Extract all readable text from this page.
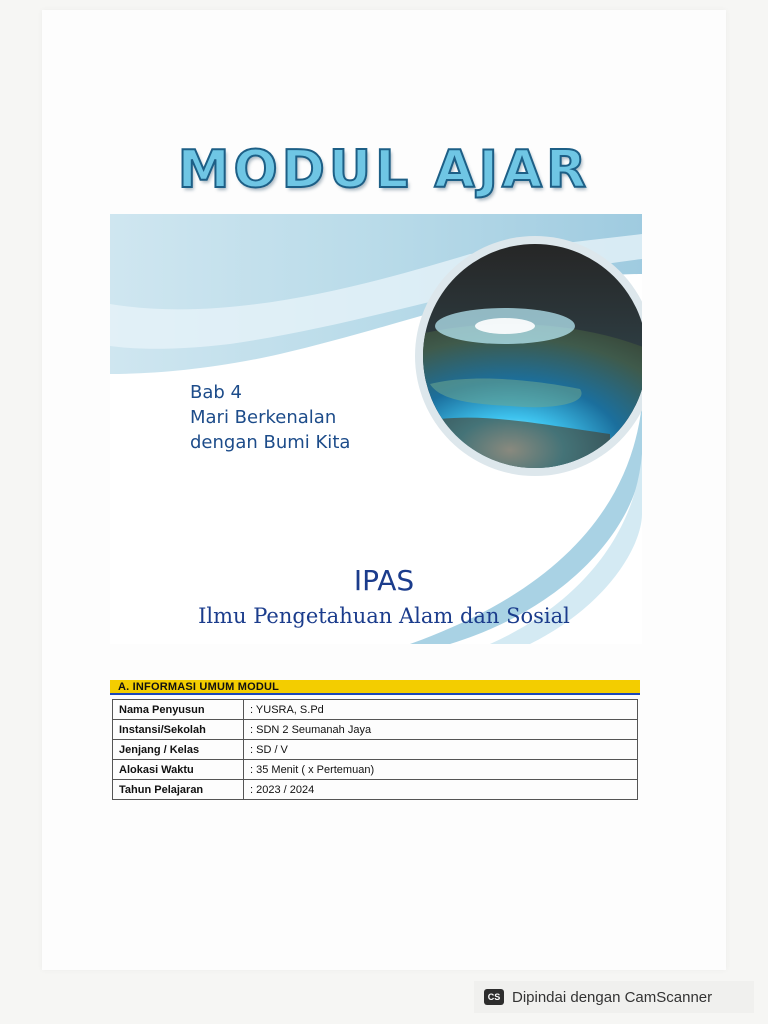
MODUL AJAR
Bab 4
Mari Berkenalan
dengan Bumi Kita
IPAS
Ilmu Pengetahuan Alam dan Sosial
A. INFORMASI UMUM MODUL
Nama Penyusun	: YUSRA, S.Pd
Instansi/Sekolah	: SDN 2 Seumanah Jaya
Jenjang / Kelas	: SD / V
Alokasi Waktu	: 35 Menit ( x Pertemuan)
Tahun Pelajaran	: 2023 / 2024
CS Dipindai dengan CamScanner
